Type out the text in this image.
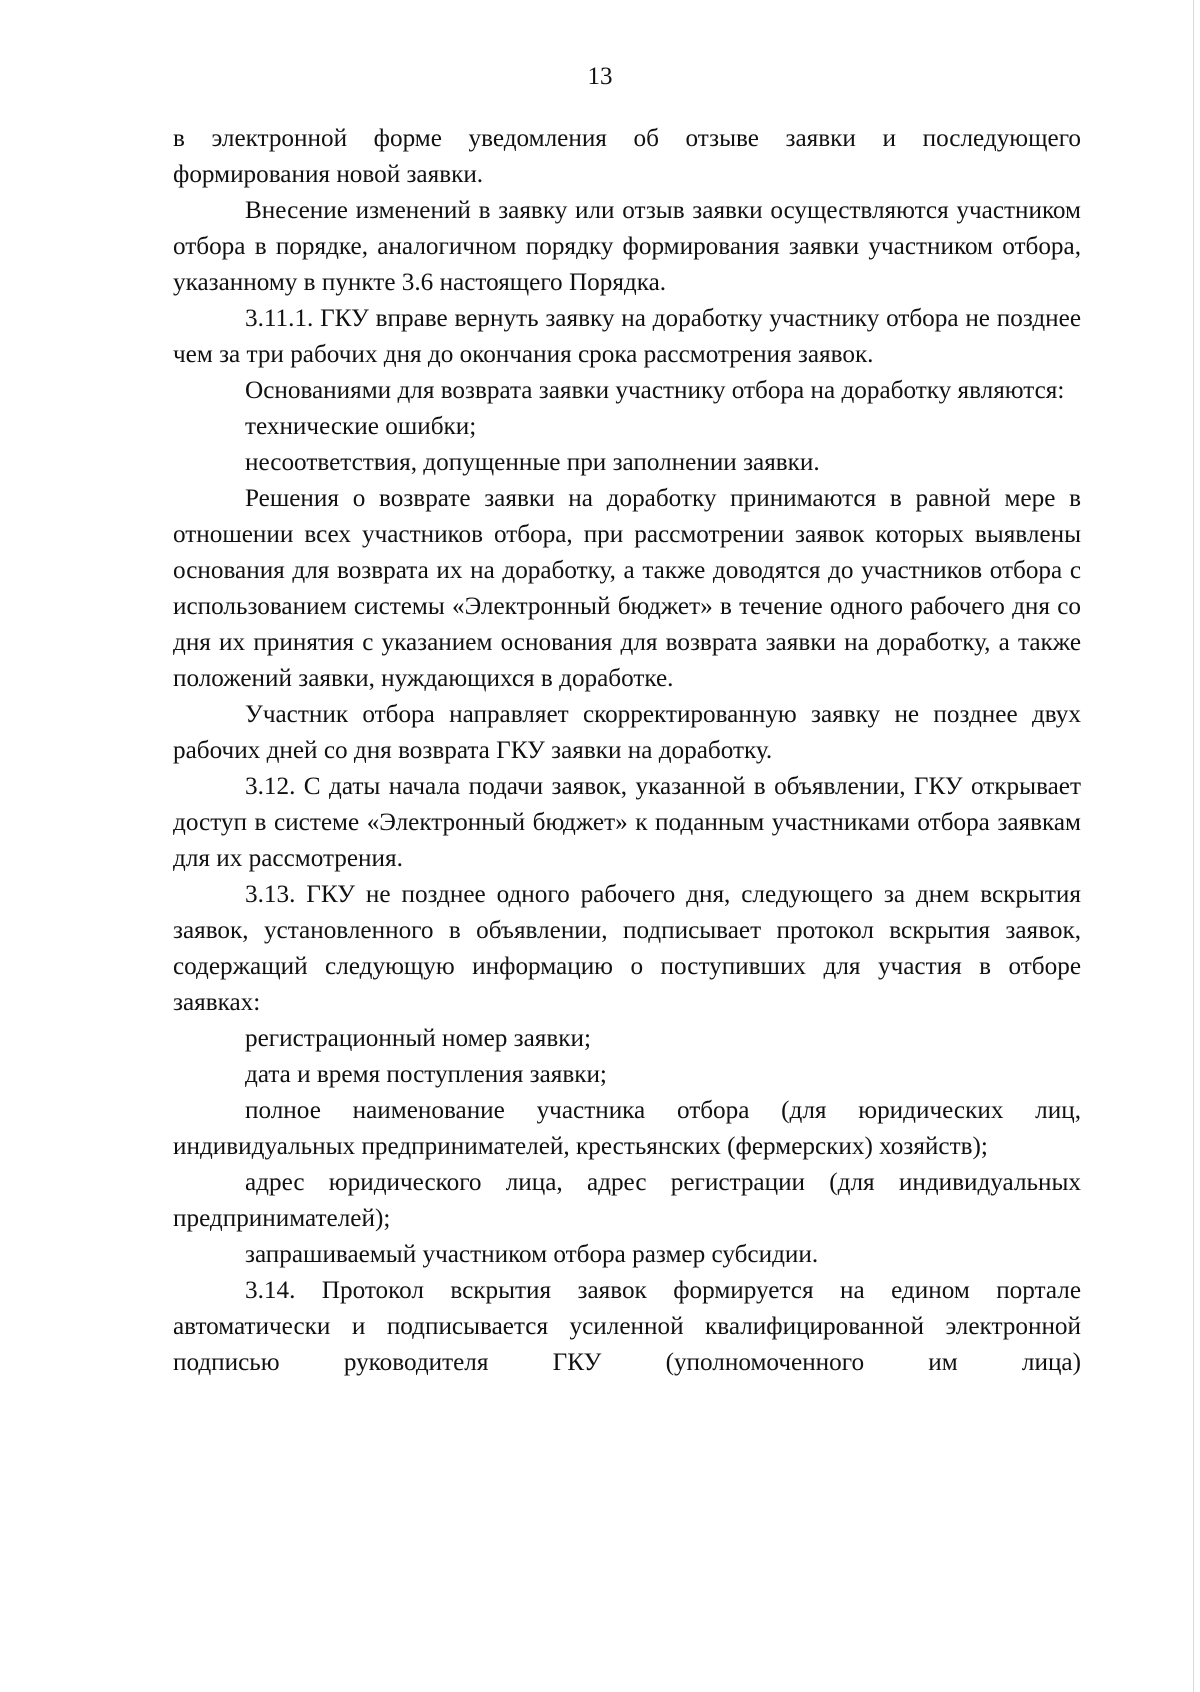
13

в электронной форме уведомления об отзыве заявки и последующего формирования новой заявки.

Внесение изменений в заявку или отзыв заявки осуществляются участником отбора в порядке, аналогичном порядку формирования заявки участником отбора, указанному в пункте 3.6 настоящего Порядка.

3.11.1. ГКУ вправе вернуть заявку на доработку участнику отбора не позднее чем за три рабочих дня до окончания срока рассмотрения заявок.

Основаниями для возврата заявки участнику отбора на доработку являются:

технические ошибки;

несоответствия, допущенные при заполнении заявки.

Решения о возврате заявки на доработку принимаются в равной мере в отношении всех участников отбора, при рассмотрении заявок которых выявлены основания для возврата их на доработку, а также доводятся до участников отбора с использованием системы «Электронный бюджет» в течение одного рабочего дня со дня их принятия с указанием основания для возврата заявки на доработку, а также положений заявки, нуждающихся в доработке.

Участник отбора направляет скорректированную заявку не позднее двух рабочих дней со дня возврата ГКУ заявки на доработку.

3.12. С даты начала подачи заявок, указанной в объявлении, ГКУ открывает доступ в системе «Электронный бюджет» к поданным участниками отбора заявкам для их рассмотрения.

3.13. ГКУ не позднее одного рабочего дня, следующего за днем вскрытия заявок, установленного в объявлении, подписывает протокол вскрытия заявок, содержащий следующую информацию о поступивших для участия в отборе заявках:

регистрационный номер заявки;

дата и время поступления заявки;

полное наименование участника отбора (для юридических лиц, индивидуальных предпринимателей, крестьянских (фермерских) хозяйств);

адрес юридического лица, адрес регистрации (для индивидуальных предпринимателей);

запрашиваемый участником отбора размер субсидии.

3.14. Протокол вскрытия заявок формируется на едином портале автоматически и подписывается усиленной квалифицированной электронной подписью руководителя ГКУ (уполномоченного им лица)
